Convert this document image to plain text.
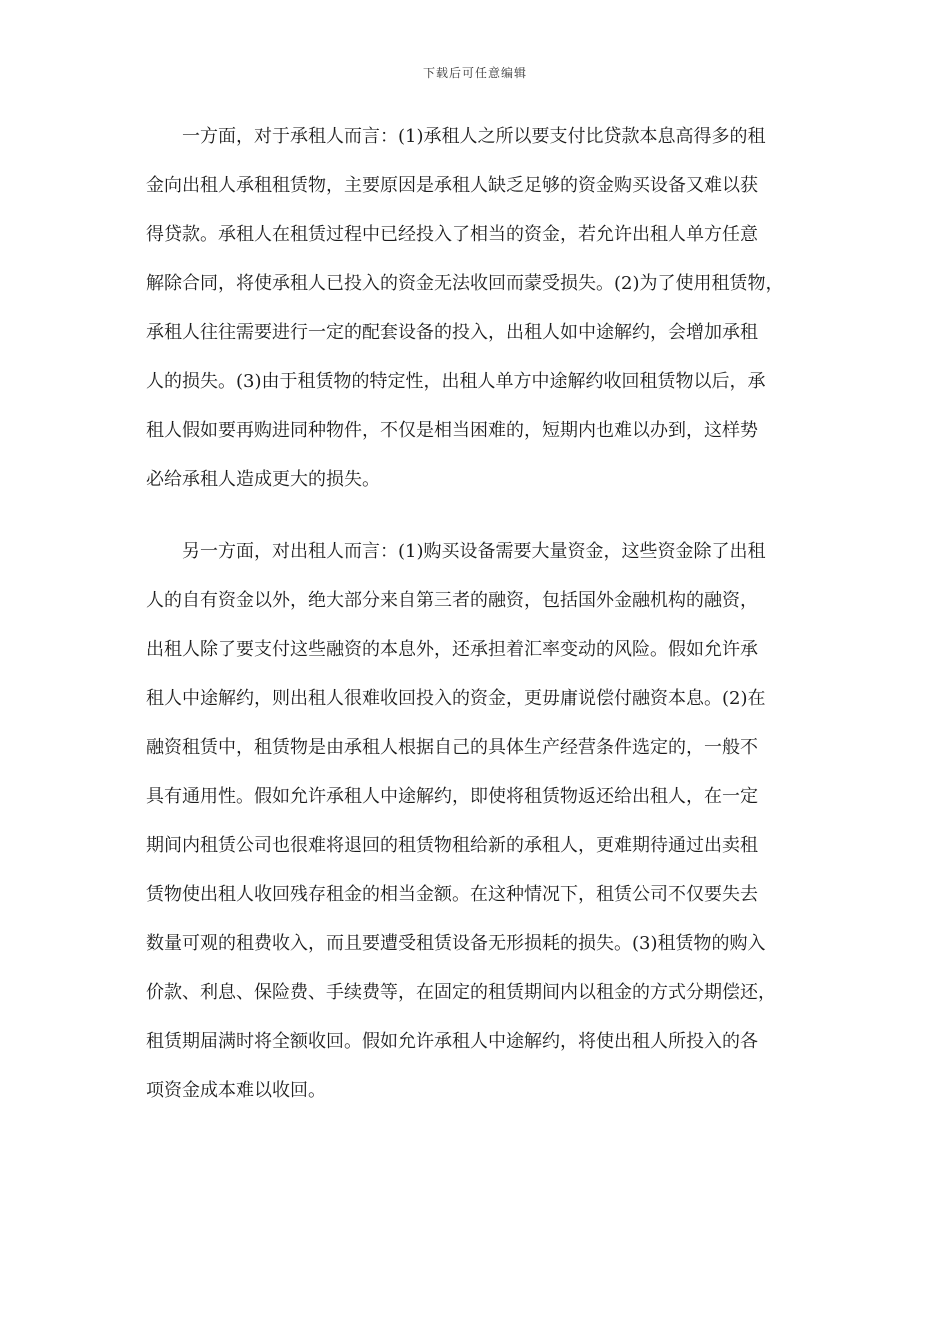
下载后可任意编辑
　　一方面，对于承租人而言：(1)承租人之所以要支付比贷款本息高得多的租
金向出租人承租租赁物，主要原因是承租人缺乏足够的资金购买设备又难以获
得贷款。承租人在租赁过程中已经投入了相当的资金，若允许出租人单方任意
解除合同，将使承租人已投入的资金无法收回而蒙受损失。(2)为了使用租赁物，
承租人往往需要进行一定的配套设备的投入，出租人如中途解约，会增加承租
人的损失。(3)由于租赁物的特定性，出租人单方中途解约收回租赁物以后，承
租人假如要再购进同种物件，不仅是相当困难的，短期内也难以办到，这样势
必给承租人造成更大的损失。
　　另一方面，对出租人而言：(1)购买设备需要大量资金，这些资金除了出租
人的自有资金以外，绝大部分来自第三者的融资，包括国外金融机构的融资，
出租人除了要支付这些融资的本息外，还承担着汇率变动的风险。假如允许承
租人中途解约，则出租人很难收回投入的资金，更毋庸说偿付融资本息。(2)在
融资租赁中，租赁物是由承租人根据自己的具体生产经营条件选定的，一般不
具有通用性。假如允许承租人中途解约，即使将租赁物返还给出租人，在一定
期间内租赁公司也很难将退回的租赁物租给新的承租人，更难期待通过出卖租
赁物使出租人收回残存租金的相当金额。在这种情况下，租赁公司不仅要失去
数量可观的租费收入，而且要遭受租赁设备无形损耗的损失。(3)租赁物的购入
价款、利息、保险费、手续费等，在固定的租赁期间内以租金的方式分期偿还，
租赁期届满时将全额收回。假如允许承租人中途解约，将使出租人所投入的各
项资金成本难以收回。
